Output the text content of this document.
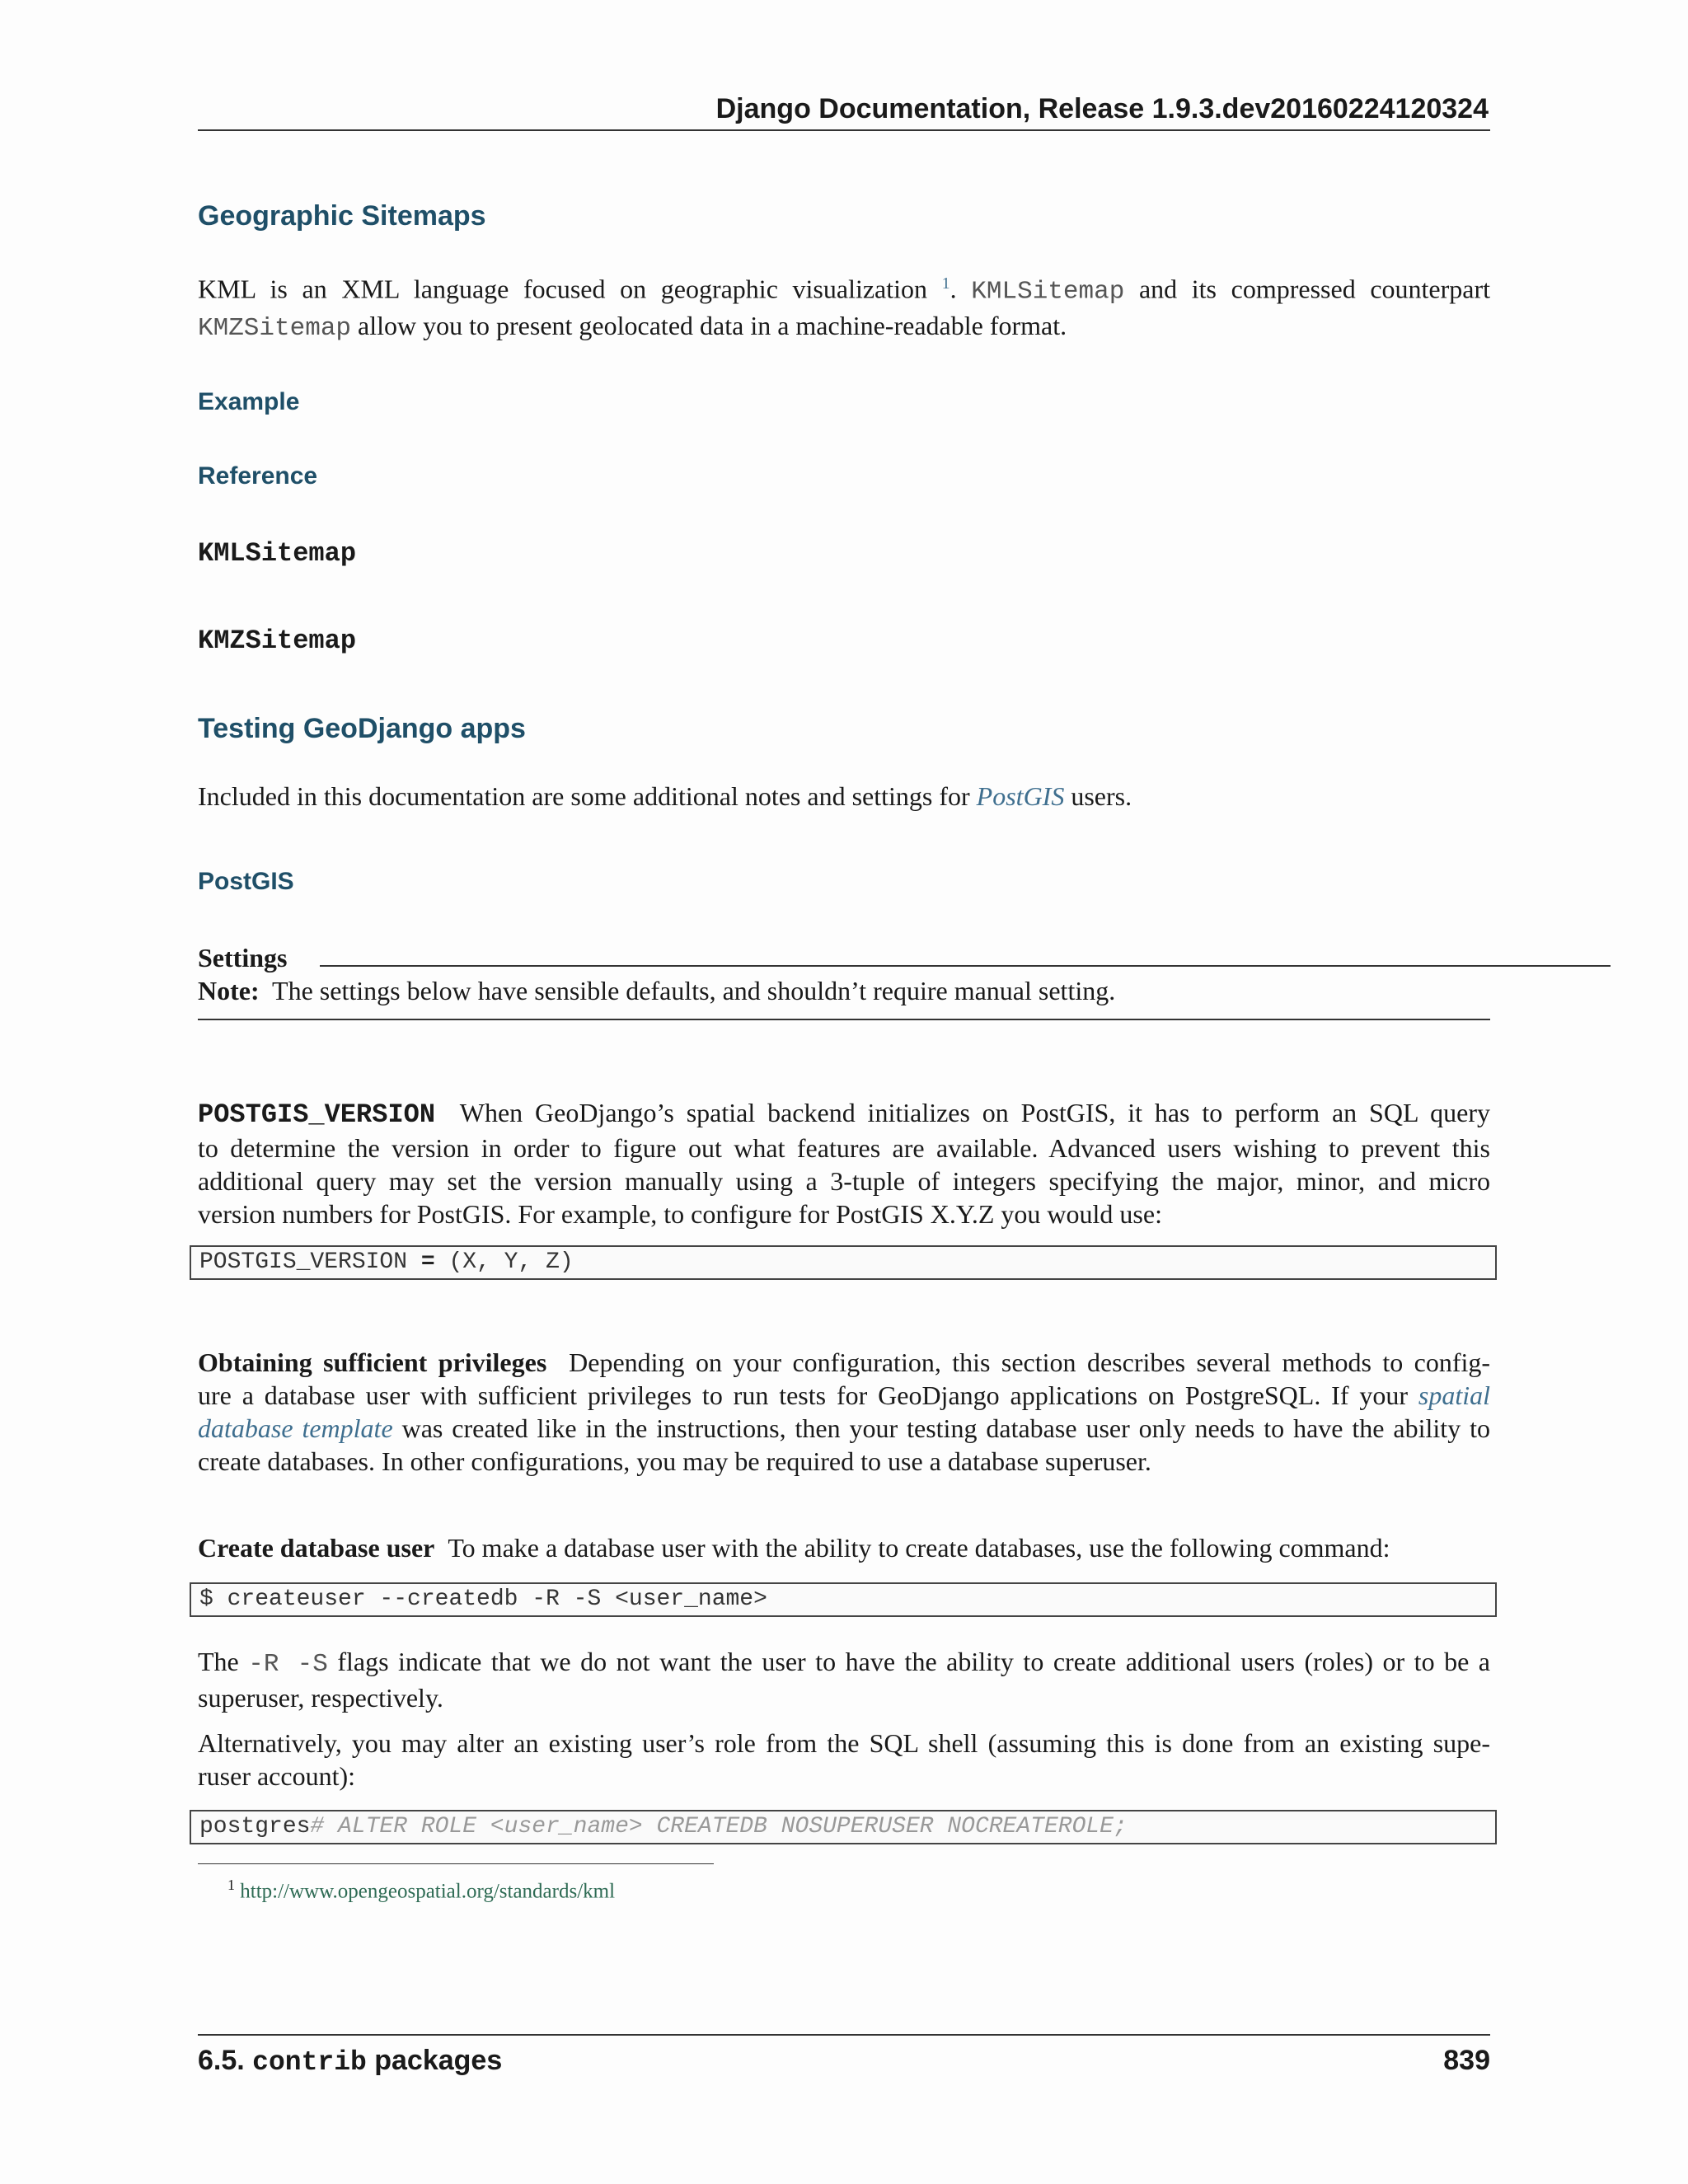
Django Documentation, Release 1.9.3.dev20160224120324
Geographic Sitemaps
KML is an XML language focused on geographic visualization $^1$. KMLSitemap and its compressed counterpart
KMZSitemap allow you to present geolocated data in a machine-readable format.
Example
Reference
KMLSitemap
KMZSitemap
Testing GeoDjango apps
Included in this documentation are some additional notes and settings for PostGIS users.
PostGIS
Settings
Note: The settings below have sensible defaults, and shouldn’t require manual setting.
POSTGIS_VERSION When GeoDjango’s spatial backend initializes on PostGIS, it has to perform an SQL query
to determine the version in order to figure out what features are available. Advanced users wishing to prevent this
additional query may set the version manually using a 3-tuple of integers specifying the major, minor, and micro
version numbers for PostGIS. For example, to configure for PostGIS X.Y.Z you would use:
POSTGIS_VERSION = (X, Y, Z)
Obtaining sufficient privileges Depending on your configuration, this section describes several methods to config-
ure a database user with sufficient privileges to run tests for GeoDjango applications on PostgreSQL. If your spatial
database template was created like in the instructions, then your testing database user only needs to have the ability to
create databases. In other configurations, you may be required to use a database superuser.
Create database user To make a database user with the ability to create databases, use the following command:
$ createuser --createdb -R -S <user_name>
The -R -S flags indicate that we do not want the user to have the ability to create additional users (roles) or to be a
superuser, respectively.
Alternatively, you may alter an existing user’s role from the SQL shell (assuming this is done from an existing supe-
ruser account):
postgres# ALTER ROLE <user_name> CREATEDB NOSUPERUSER NOCREATEROLE;
$^1$ http://www.opengeospatial.org/standards/kml
6.5. contrib packages	839
